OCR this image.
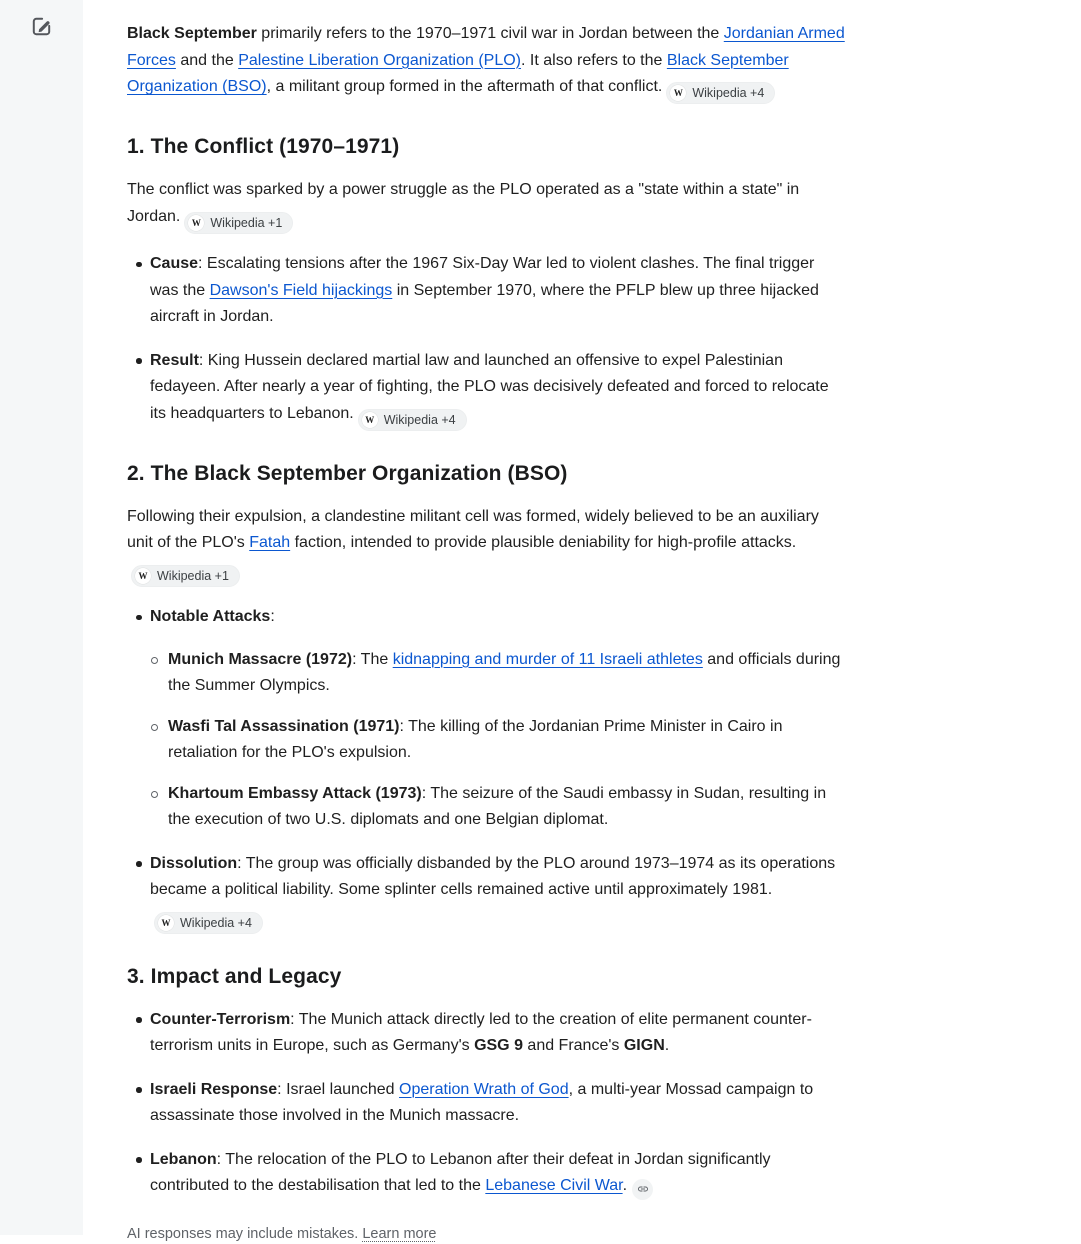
Black September primarily refers to the 1970–1971 civil war in Jordan between the Jordanian Armed Forces and the Palestine Liberation Organization (PLO). It also refers to the Black September Organization (BSO), a militant group formed in the aftermath of that conflict.	W Wikipedia +4

1. The Conflict (1970–1971)

The conflict was sparked by a power struggle as the PLO operated as a "state within a state" in Jordan.	W Wikipedia +1

Cause: Escalating tensions after the 1967 Six-Day War led to violent clashes. The final trigger was the Dawson's Field hijackings in September 1970, where the PFLP blew up three hijacked aircraft in Jordan.
Result: King Hussein declared martial law and launched an offensive to expel Palestinian fedayeen. After nearly a year of fighting, the PLO was decisively defeated and forced to relocate its headquarters to Lebanon.	W Wikipedia +4
2. The Black September Organization (BSO)

Following their expulsion, a clandestine militant cell was formed, widely believed to be an auxiliary unit of the PLO's Fatah faction, intended to provide plausible deniability for high-profile attacks.
W Wikipedia +1

Notable Attacks:
Munich Massacre (1972): The kidnapping and murder of 11 Israeli athletes and officials during the Summer Olympics.
Wasfi Tal Assassination (1971): The killing of the Jordanian Prime Minister in Cairo in retaliation for the PLO's expulsion.
Khartoum Embassy Attack (1973): The seizure of the Saudi embassy in Sudan, resulting in the execution of two U.S. diplomats and one Belgian diplomat.
Dissolution: The group was officially disbanded by the PLO around 1973–1974 as its operations became a political liability. Some splinter cells remained active until approximately 1981.
W Wikipedia +4
3. Impact and Legacy
Counter-Terrorism: The Munich attack directly led to the creation of elite permanent counter-terrorism units in Europe, such as Germany's GSG 9 and France's GIGN.
Israeli Response: Israel launched Operation Wrath of God, a multi-year Mossad campaign to assassinate those involved in the Munich massacre.
Lebanon: The relocation of the PLO to Lebanon after their defeat in Jordan significantly contributed to the destabilisation that led to the Lebanese Civil War.
AI responses may include mistakes. Learn more
